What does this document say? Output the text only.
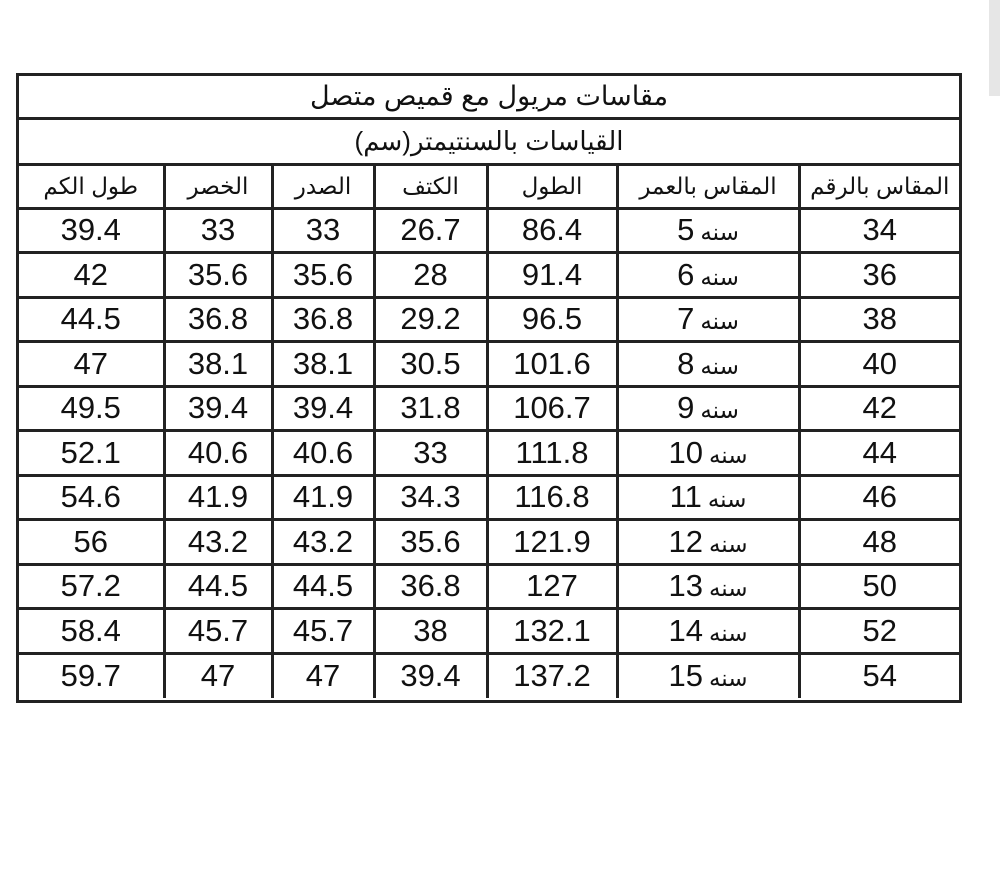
مقاسات مريول مع قميص متصل
القياسات بالسنتيمتر(سم)
طول الكم	الخصر	الصدر	الكتف	الطول	المقاس بالعمر	المقاس بالرقم
39.4	33	33	26.7	86.4	5 سنه	34
42	35.6	35.6	28	91.4	6 سنه	36
44.5	36.8	36.8	29.2	96.5	7 سنه	38
47	38.1	38.1	30.5	101.6	8 سنه	40
49.5	39.4	39.4	31.8	106.7	9 سنه	42
52.1	40.6	40.6	33	111.8	10 سنه	44
54.6	41.9	41.9	34.3	116.8	11 سنه	46
56	43.2	43.2	35.6	121.9	12 سنه	48
57.2	44.5	44.5	36.8	127	13 سنه	50
58.4	45.7	45.7	38	132.1	14 سنه	52
59.7	47	47	39.4	137.2	15 سنه	54
